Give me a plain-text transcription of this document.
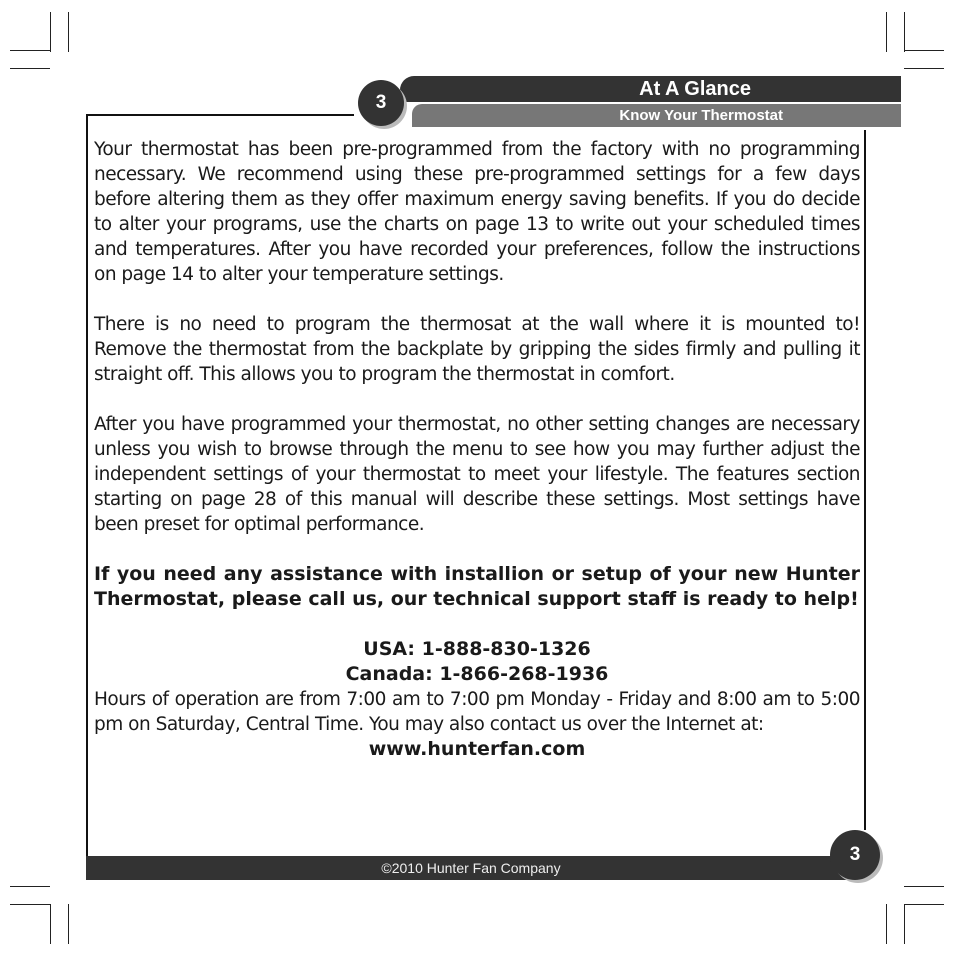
At A Glance
Know Your Thermostat
3

Your thermostat has been pre-programmed from the factory with no programming necessary. We recommend using these pre-programmed settings for a few days before altering them as they offer maximum energy saving benefits. If you do decide to alter your programs, use the charts on page 13 to write out your scheduled times and temperatures. After you have recorded your preferences, follow the instructions on page 14 to alter your temperature settings.

There is no need to program the thermosat at the wall where it is mounted to! Remove the thermostat from the backplate by gripping the sides firmly and pulling it straight off. This allows you to program the thermostat in comfort.

After you have programmed your thermostat, no other setting changes are necessary unless you wish to browse through the menu to see how you may further adjust the independent settings of your thermostat to meet your lifestyle. The features section starting on page 28 of this manual will describe these settings. Most settings have been preset for optimal performance.

If you need any assistance with installion or setup of your new Hunter Thermostat, please call us, our technical support staff is ready to help!

USA: 1-888-830-1326

Canada: 1-866-268-1936

Hours of operation are from 7:00 am to 7:00 pm Monday - Friday and 8:00 am to 5:00 pm on Saturday, Central Time. You may also contact us over the Internet at:

www.hunterfan.com

©2010 Hunter Fan Company
3
